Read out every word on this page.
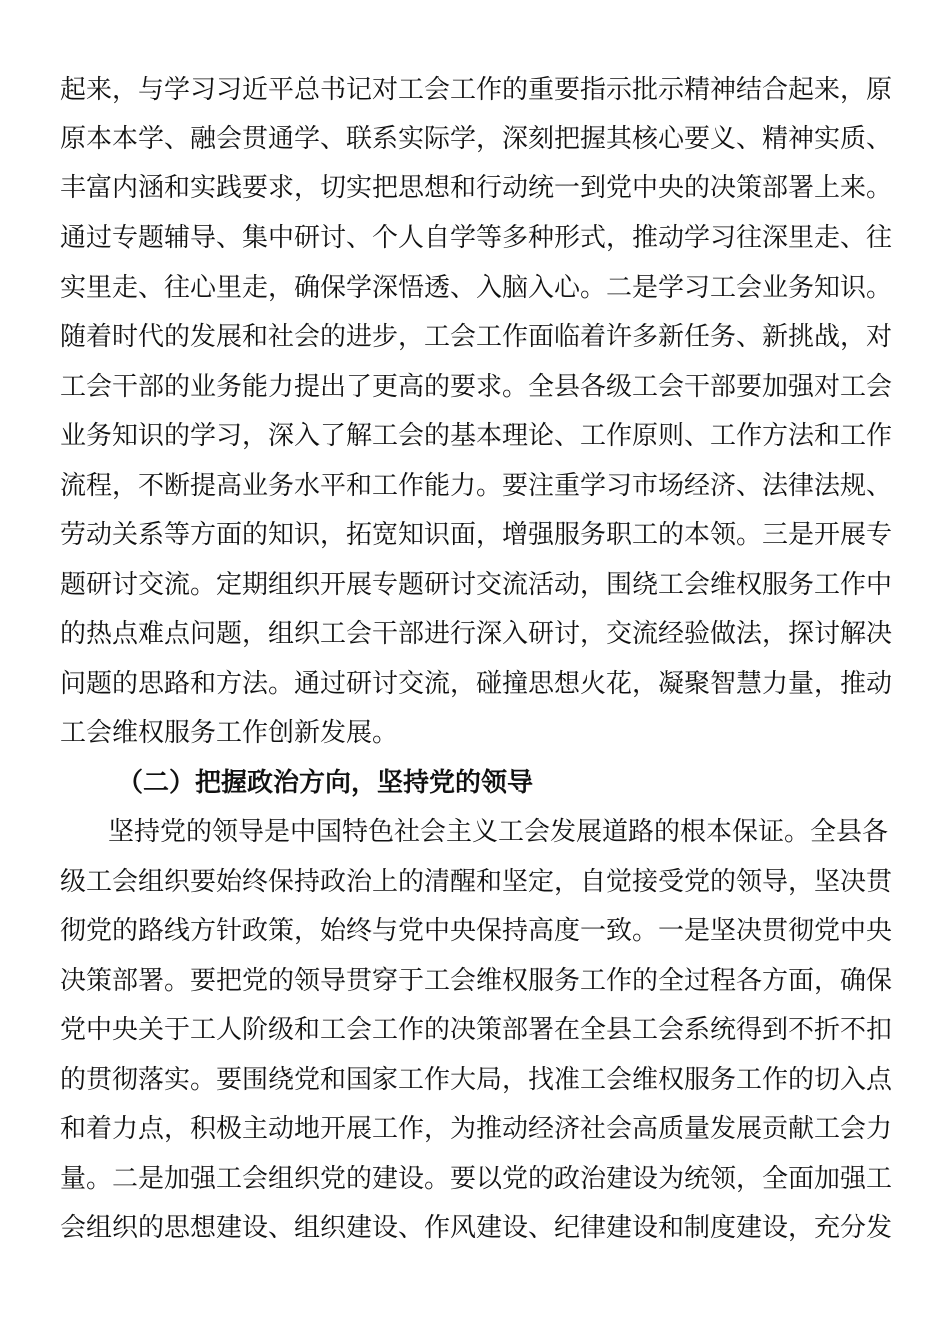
起来，与学习习近平总书记对工会工作的重要指示批示精神结合起来，原
原本本学、融会贯通学、联系实际学，深刻把握其核心要义、精神实质、
丰富内涵和实践要求，切实把思想和行动统一到党中央的决策部署上来。
通过专题辅导、集中研讨、个人自学等多种形式，推动学习往深里走、往
实里走、往心里走，确保学深悟透、入脑入心。二是学习工会业务知识。
随着时代的发展和社会的进步，工会工作面临着许多新任务、新挑战，对
工会干部的业务能力提出了更高的要求。全县各级工会干部要加强对工会
业务知识的学习，深入了解工会的基本理论、工作原则、工作方法和工作
流程，不断提高业务水平和工作能力。要注重学习市场经济、法律法规、
劳动关系等方面的知识，拓宽知识面，增强服务职工的本领。三是开展专
题研讨交流。定期组织开展专题研讨交流活动，围绕工会维权服务工作中
的热点难点问题，组织工会干部进行深入研讨，交流经验做法，探讨解决
问题的思路和方法。通过研讨交流，碰撞思想火花，凝聚智慧力量，推动
工会维权服务工作创新发展。
（二）把握政治方向，坚持党的领导
坚持党的领导是中国特色社会主义工会发展道路的根本保证。全县各
级工会组织要始终保持政治上的清醒和坚定，自觉接受党的领导，坚决贯
彻党的路线方针政策，始终与党中央保持高度一致。一是坚决贯彻党中央
决策部署。要把党的领导贯穿于工会维权服务工作的全过程各方面，确保
党中央关于工人阶级和工会工作的决策部署在全县工会系统得到不折不扣
的贯彻落实。要围绕党和国家工作大局，找准工会维权服务工作的切入点
和着力点，积极主动地开展工作，为推动经济社会高质量发展贡献工会力
量。二是加强工会组织党的建设。要以党的政治建设为统领，全面加强工
会组织的思想建设、组织建设、作风建设、纪律建设和制度建设，充分发
